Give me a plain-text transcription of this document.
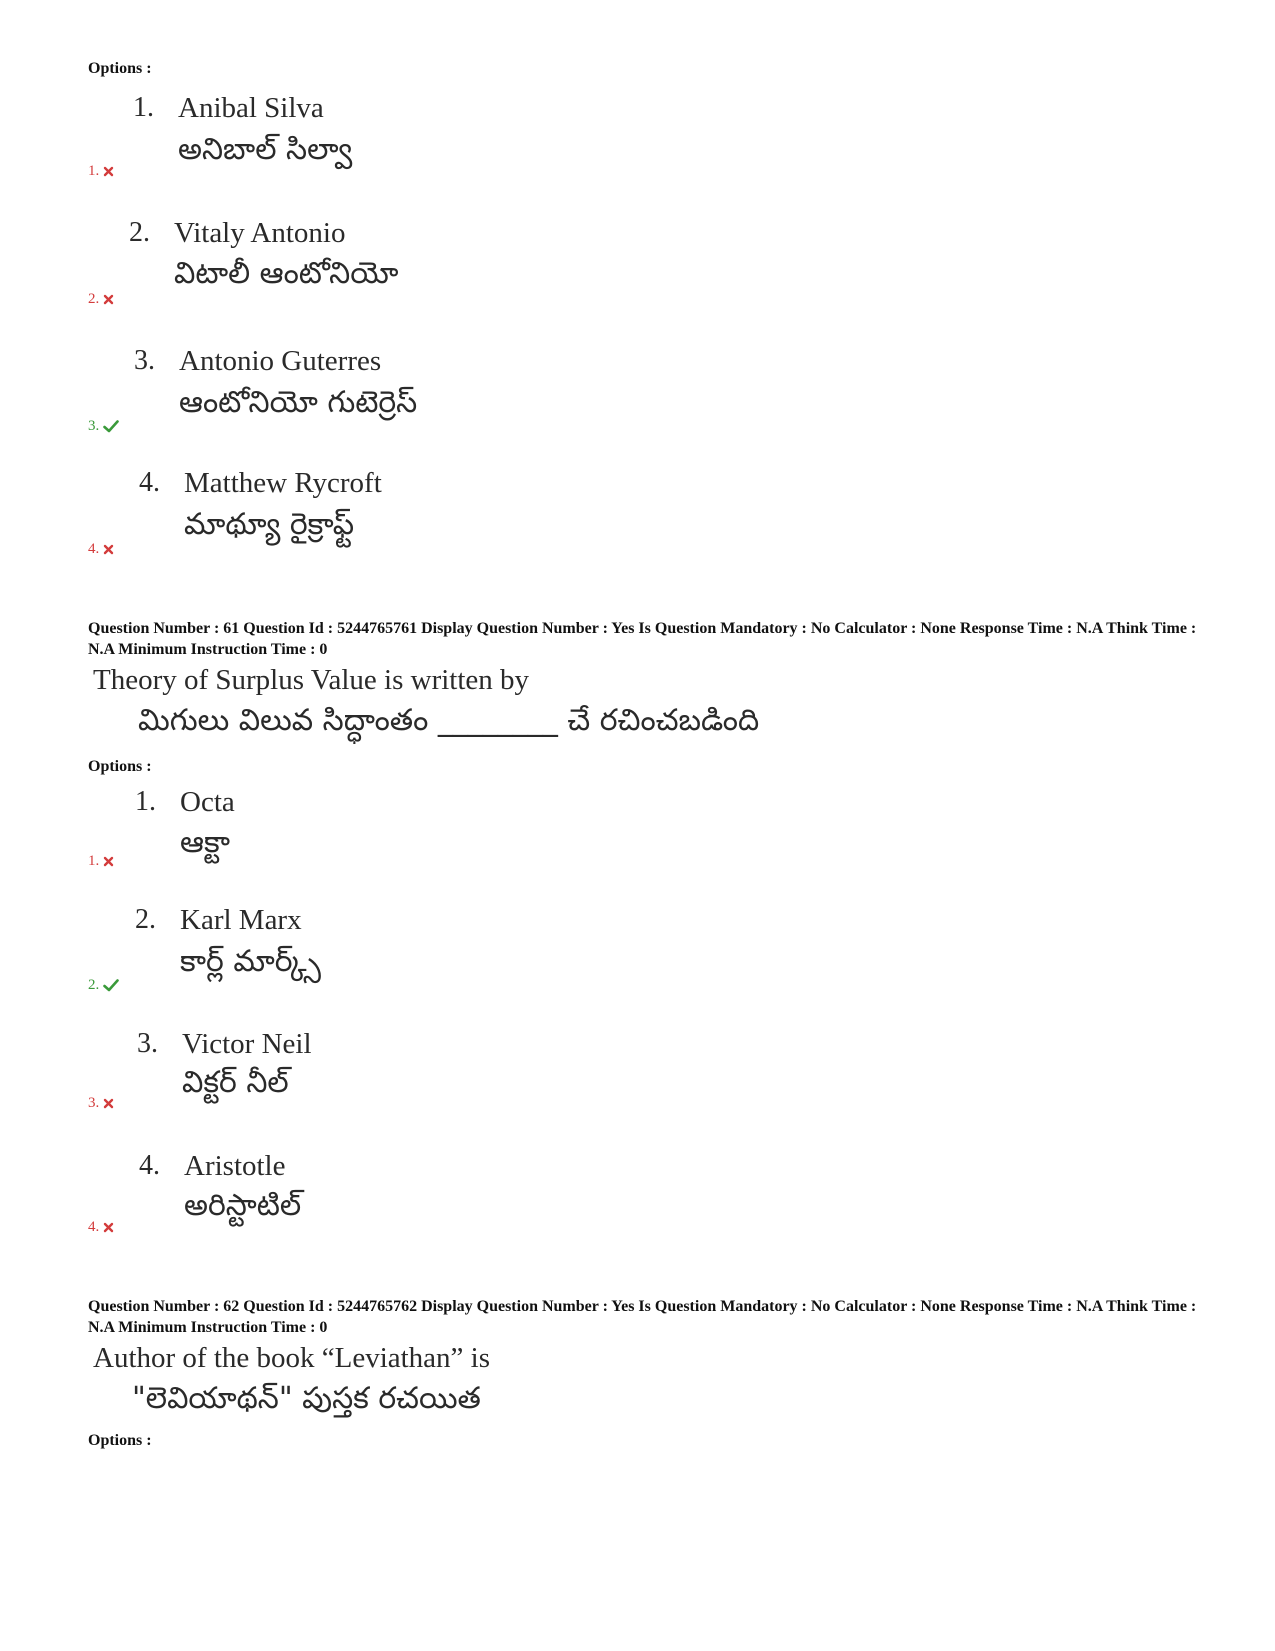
Options :
1. Anibal Silva
అనిబాల్ సిల్వా
1.
2. Vitaly Antonio
విటాలీ ఆంటోనియో
2.
3. Antonio Guterres
ఆంటోనియో గుటెర్రెస్
3.
4. Matthew Rycroft
మాథ్యూ రైక్రాఫ్ట్
4.
Question Number : 61 Question Id : 5244765761 Display Question Number : Yes Is Question Mandatory : No Calculator : None Response Time : N.A Think Time : N.A Minimum Instruction Time : 0
Theory of Surplus Value is written by
మిగులు విలువ సిద్ధాంతం ________ చే రచించబడింది
Options :
1. Octa
ఆక్టా
1.
2. Karl Marx
కార్ల్ మార్క్స్
2.
3. Victor Neil
విక్టర్ నీల్
3.
4. Aristotle
అరిస్టాటిల్
4.
Question Number : 62 Question Id : 5244765762 Display Question Number : Yes Is Question Mandatory : No Calculator : None Response Time : N.A Think Time : N.A Minimum Instruction Time : 0
Author of the book “Leviathan” is
"లెవియాథన్" పుస్తక రచయిత
Options :
